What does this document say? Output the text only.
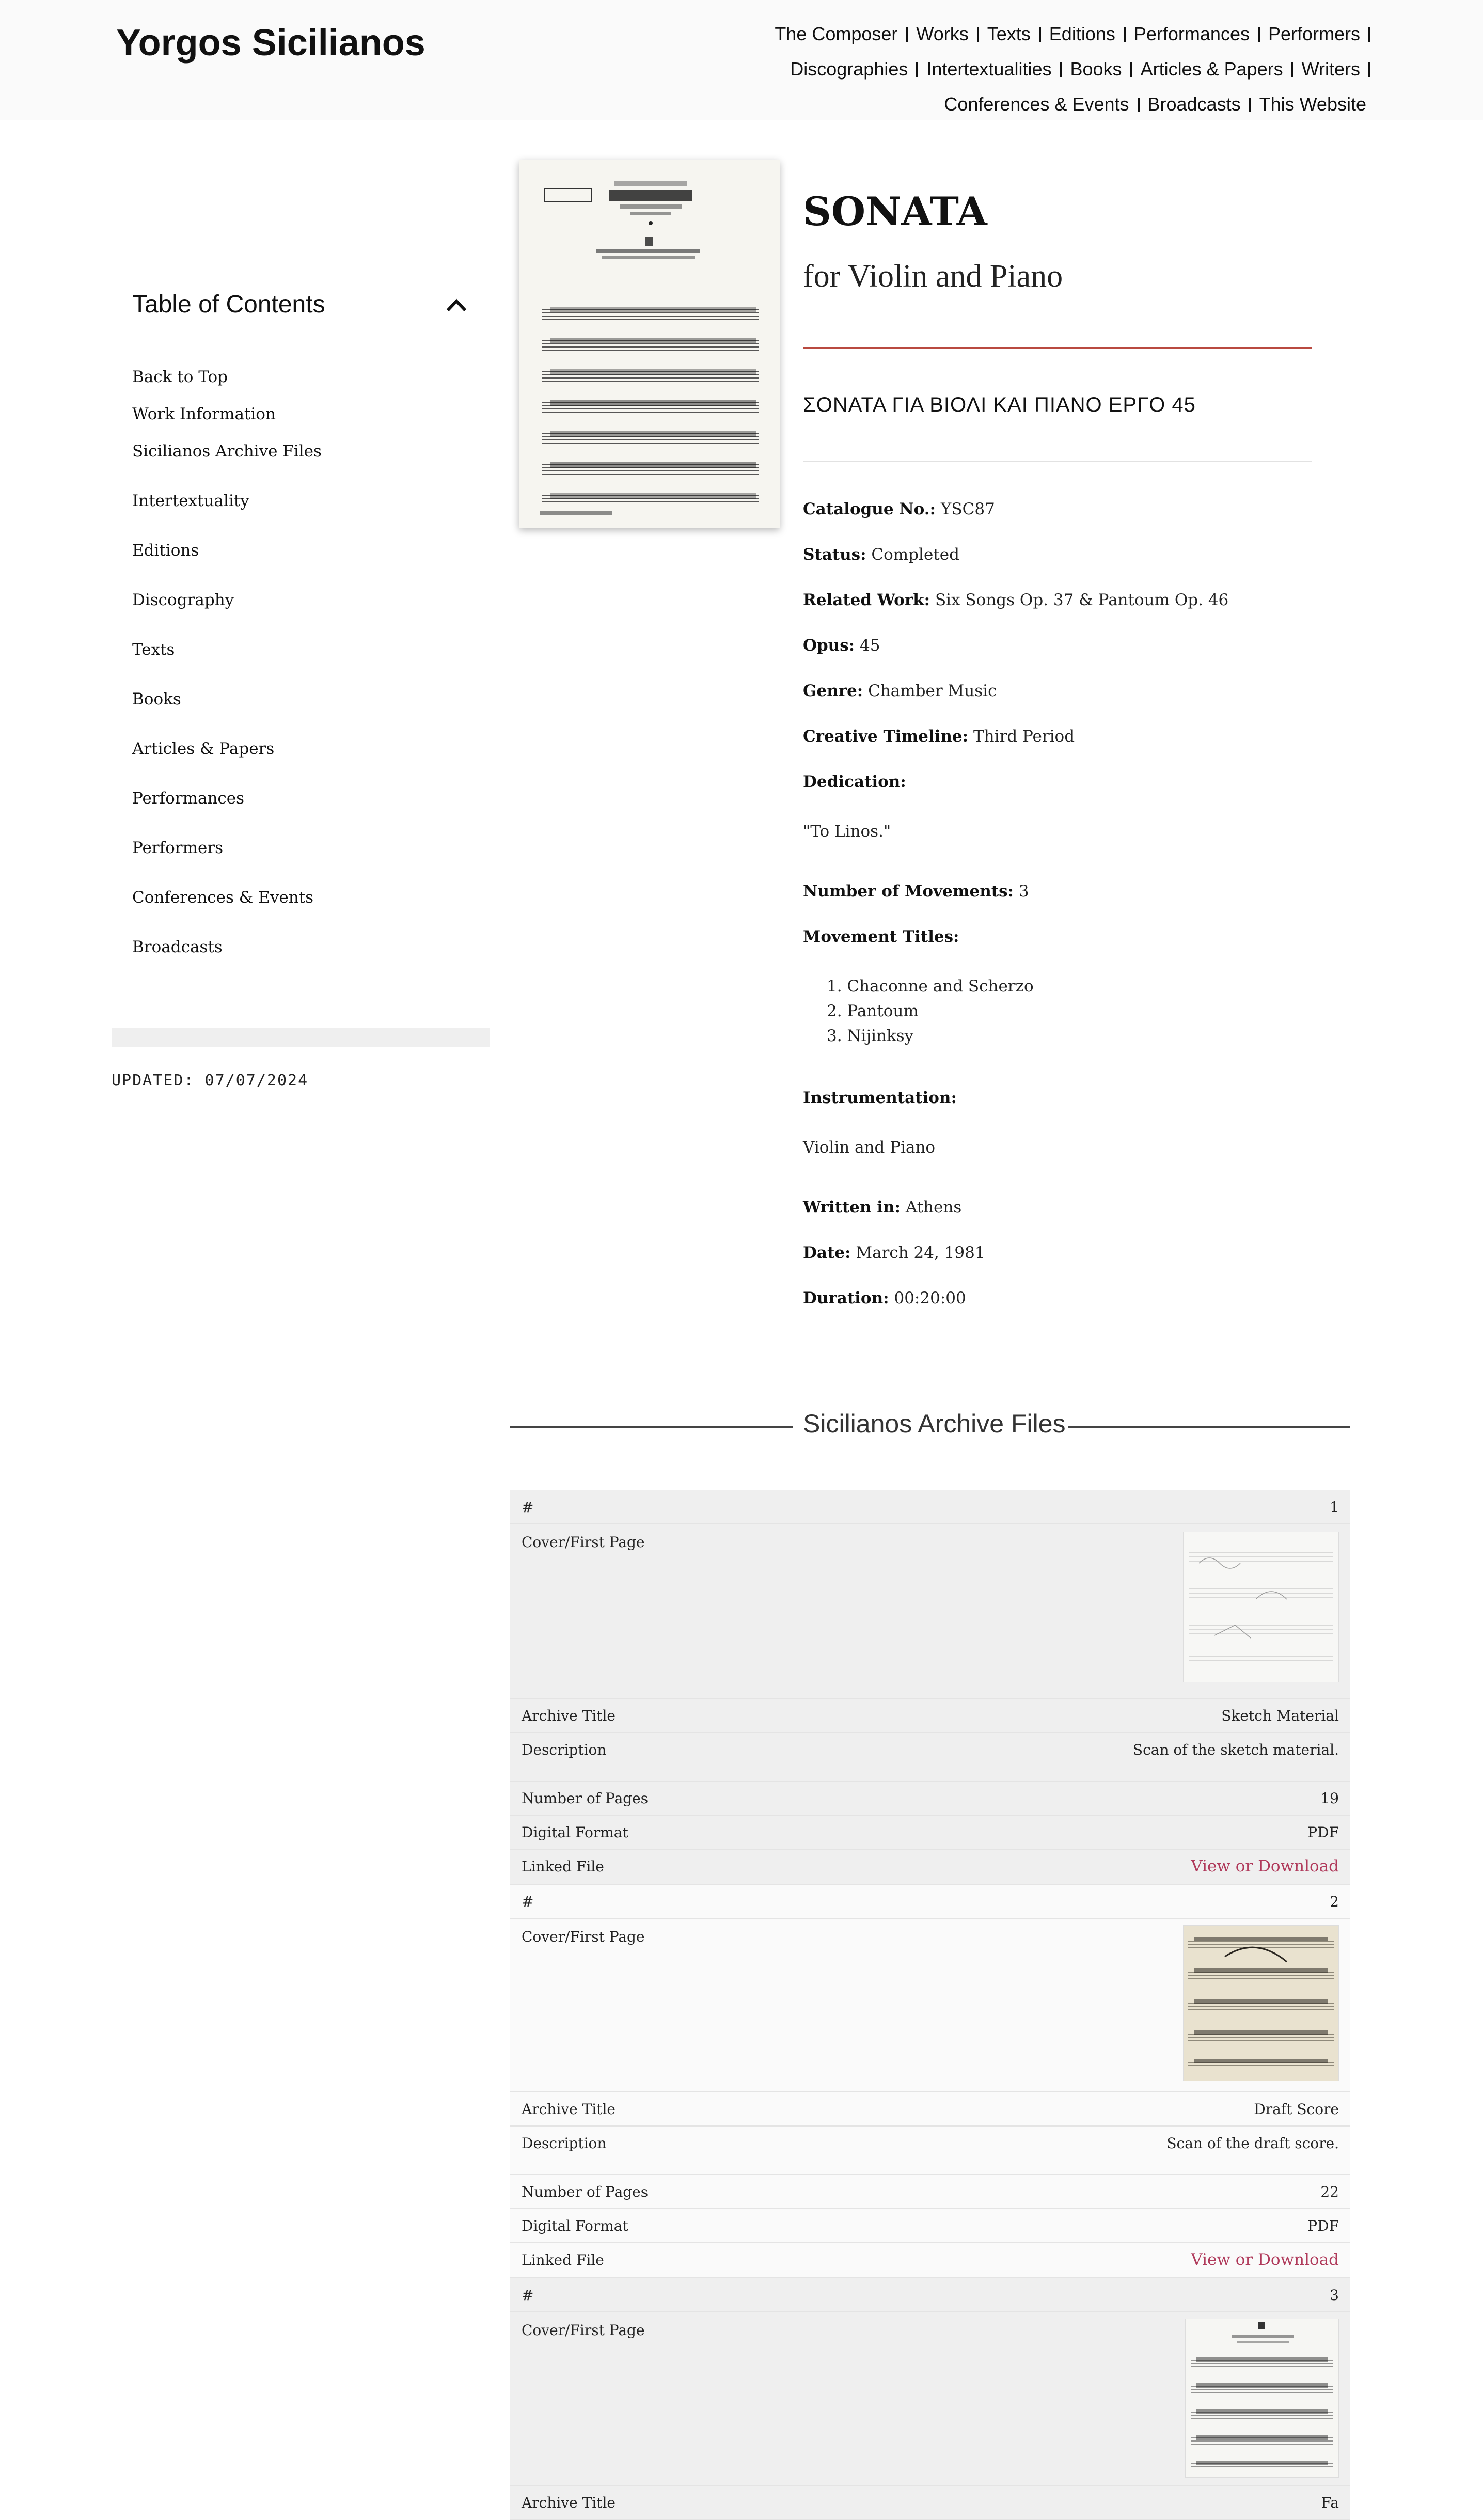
Yorgos Sicilianos	The Composer Works Texts Editions Performances Performers
Discographies Intertextualities Books Articles & Papers Writers
Conferences & Events Broadcasts This Website
Table of Contents
Back to Top
Work Information
Sicilianos Archive Files
Intertextuality
Editions
Discography
Texts
Books
Articles & Papers
Performances
Performers
Conferences & Events
Broadcasts
UPDATED: 07/07/2024
SONATA
for Violin and Piano
ΣΟΝΑΤΑ ΓΙΑ ΒΙΟΛΙ ΚΑΙ ΠΙΑΝΟ ΕΡΓΟ 45
Catalogue No.: YSC87
Status: Completed
Related Work: Six Songs Op. 37 & Pantoum Op. 46
Opus: 45
Genre: Chamber Music
Creative Timeline: Third Period
Dedication:
"To Linos."
Number of Movements: 3
Movement Titles:
1. Chaconne and Scherzo
2. Pantoum
3. Nijinksy
Instrumentation:
Violin and Piano
Written in: Athens
Date: March 24, 1981
Duration: 00:20:00
Sicilianos Archive Files
#	1
Cover/First Page
Archive Title	Sketch Material
Description	Scan of the sketch material.
Number of Pages	19
Digital Format	PDF
Linked File	View or Download
#	2
Cover/First Page
Archive Title	Draft Score
Description	Scan of the draft score.
Number of Pages	22
Digital Format	PDF
Linked File	View or Download
#	3
Cover/First Page
Archive Title	Fa
